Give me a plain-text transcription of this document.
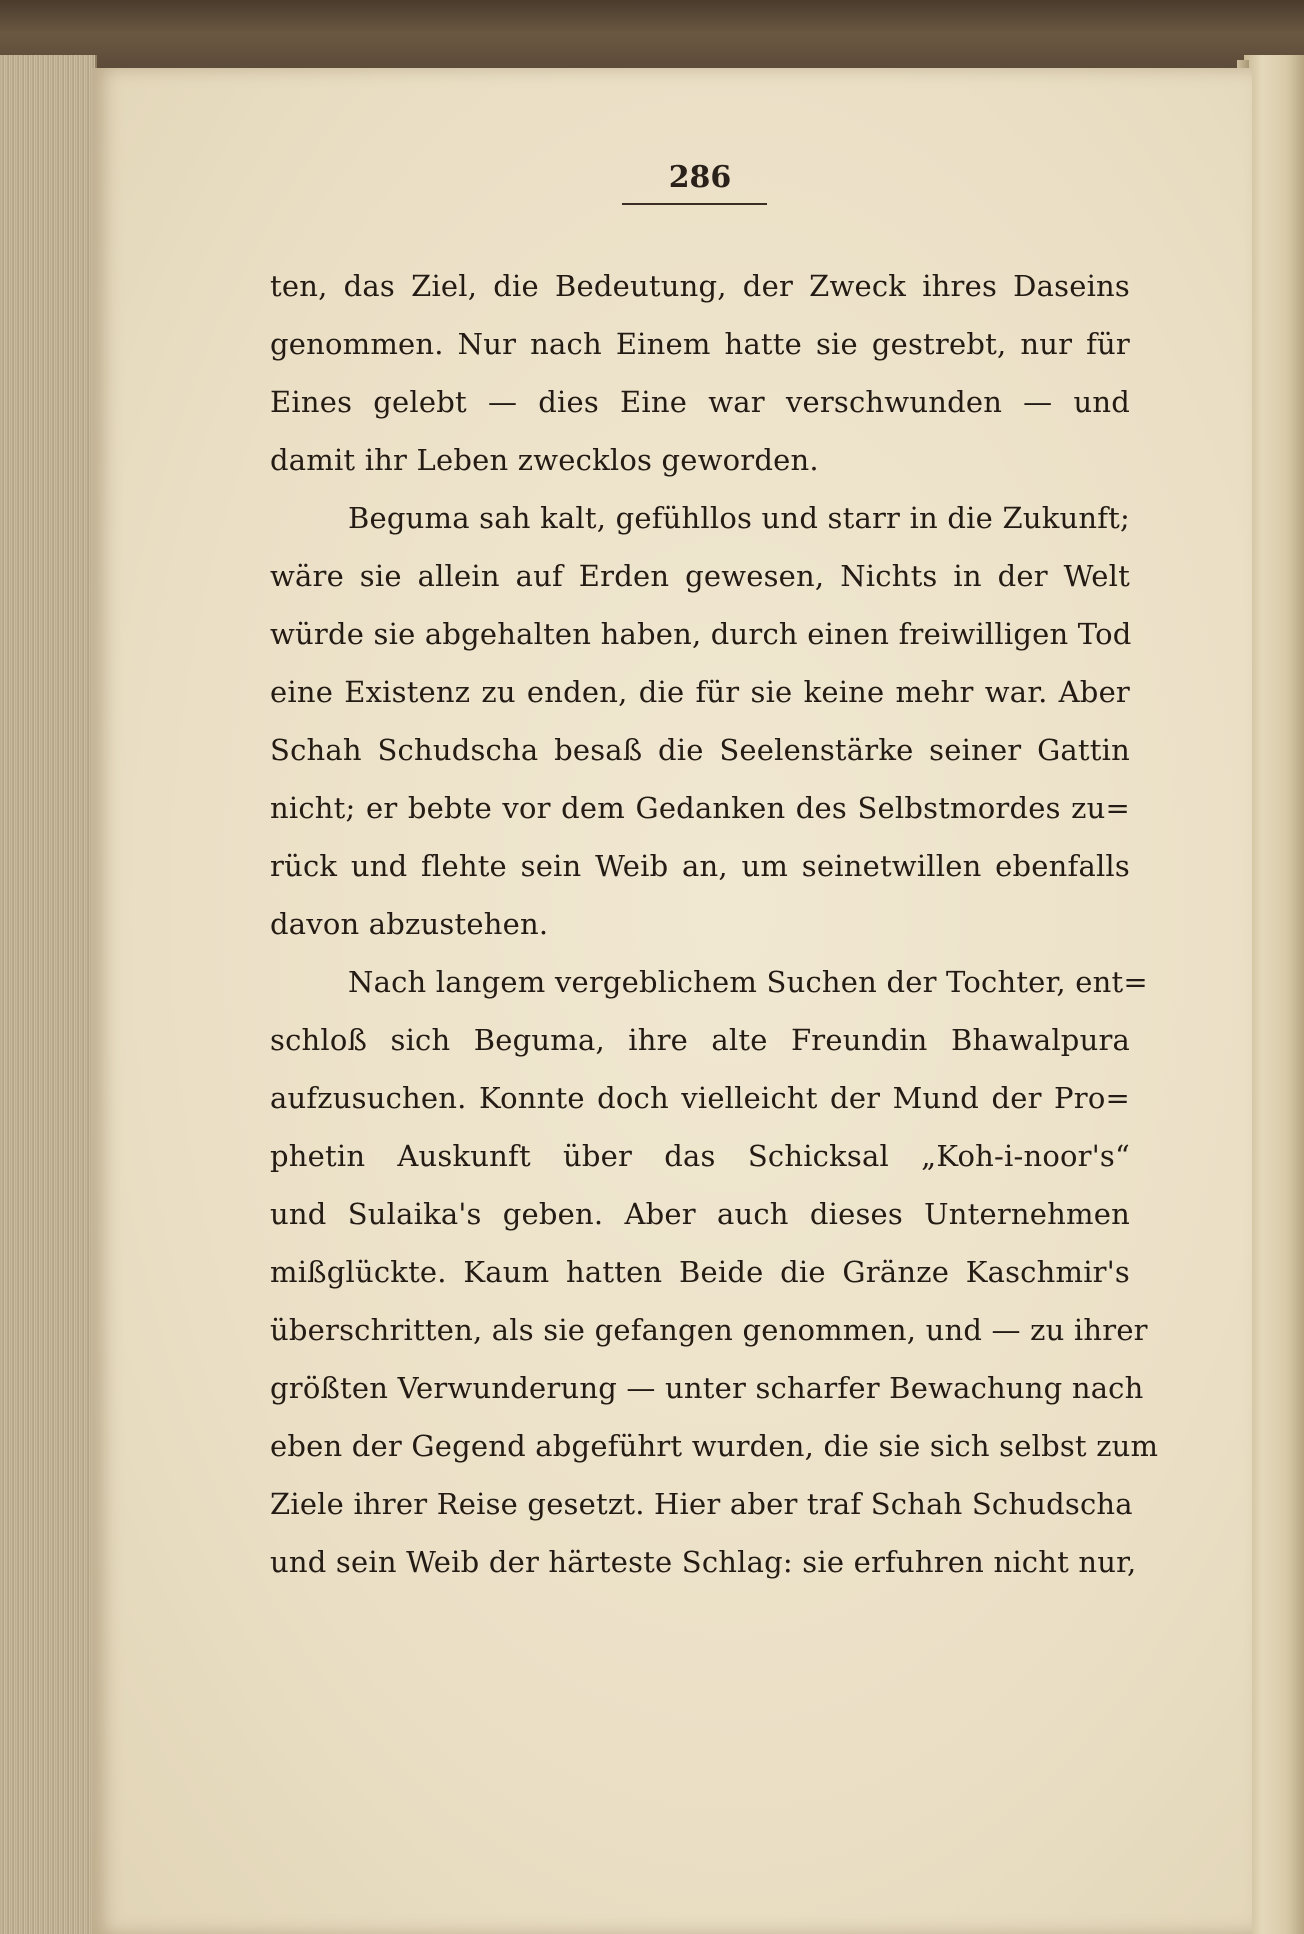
286
ten, das Ziel, die Bedeutung, der Zweck ihres Daseins
genommen. Nur nach Einem hatte sie gestrebt, nur für
Eines gelebt — dies Eine war verschwunden — und
damit ihr Leben zwecklos geworden.
Beguma sah kalt, gefühllos und starr in die Zukunft;
wäre sie allein auf Erden gewesen, Nichts in der Welt
würde sie abgehalten haben, durch einen freiwilligen Tod
eine Existenz zu enden, die für sie keine mehr war. Aber
Schah Schudscha besaß die Seelenstärke seiner Gattin
nicht; er bebte vor dem Gedanken des Selbstmordes zu=
rück und flehte sein Weib an, um seinetwillen ebenfalls
davon abzustehen.
Nach langem vergeblichem Suchen der Tochter, ent=
schloß sich Beguma, ihre alte Freundin Bhawalpura
aufzusuchen. Konnte doch vielleicht der Mund der Pro=
phetin Auskunft über das Schicksal „Koh-i-noor's“
und Sulaika's geben. Aber auch dieses Unternehmen
mißglückte. Kaum hatten Beide die Gränze Kaschmir's
überschritten, als sie gefangen genommen, und — zu ihrer
größten Verwunderung — unter scharfer Bewachung nach
eben der Gegend abgeführt wurden, die sie sich selbst zum
Ziele ihrer Reise gesetzt. Hier aber traf Schah Schudscha
und sein Weib der härteste Schlag: sie erfuhren nicht nur,
